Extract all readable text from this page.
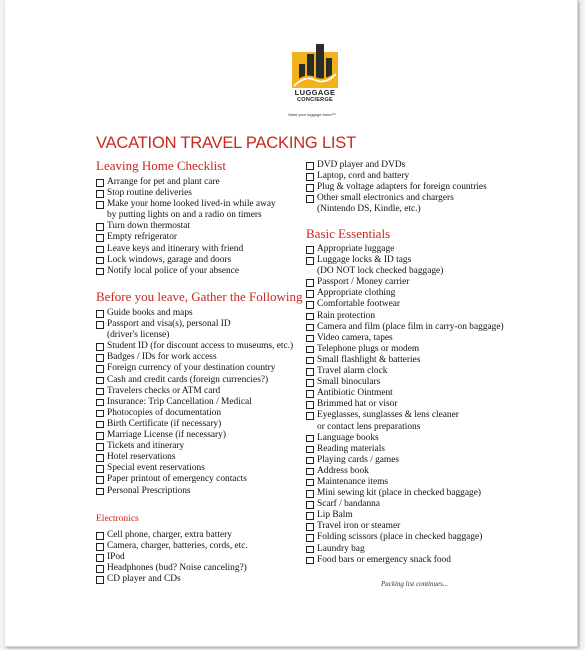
LUGGAGE
CONCIERGE
Meet your luggage there™
VACATION TRAVEL PACKING LIST
Leaving Home Checklist
Arrange for pet and plant care
Stop routine deliveries
Make your home looked lived-in while away
by putting lights on and a radio on timers
Turn down thermostat
Empty refrigerator
Leave keys and itinerary with friend
Lock windows, garage and doors
Notify local police of your absence
Before you leave, Gather the Following
Guide books and maps
Passport and visa(s), personal ID
(driver's license)
Student ID (for discount access to museums, etc.)
Badges / IDs for work access
Foreign currency of your destination country
Cash and credit cards (foreign currencies?)
Travelers checks or ATM card
Insurance: Trip Cancellation / Medical
Photocopies of documentation
Birth Certificate (if necessary)
Marriage License (if necessary)
Tickets and itinerary
Hotel reservations
Special event reservations
Paper printout of emergency contacts
Personal Prescriptions
Electronics
Cell phone, charger, extra battery
Camera, charger, batteries, cords, etc.
IPod
Headphones (bud? Noise canceling?)
CD player and CDs
DVD player and DVDs
Laptop, cord and battery
Plug & voltage adapters for foreign countries
Other small electronics and chargers
(Nintendo DS, Kindle, etc.)
Basic Essentials
Appropriate luggage
Luggage locks & ID tags
(DO NOT lock checked baggage)
Passport / Money carrier
Appropriate clothing
Comfortable footwear
Rain protection
Camera and film (place film in carry-on baggage)
Video camera, tapes
Telephone plugs or modem
Small flashlight & batteries
Travel alarm clock
Small binoculars
Antibiotic Ointment
Brimmed hat or visor
Eyeglasses, sunglasses & lens cleaner
or contact lens preparations
Language books
Reading materials
Playing cards / games
Address book
Maintenance items
Mini sewing kit (place in checked baggage)
Scarf / bandanna
Lip Balm
Travel iron or steamer
Folding scissors (place in checked baggage)
Laundry bag
Food bars or emergency snack food
Packing list continues...
